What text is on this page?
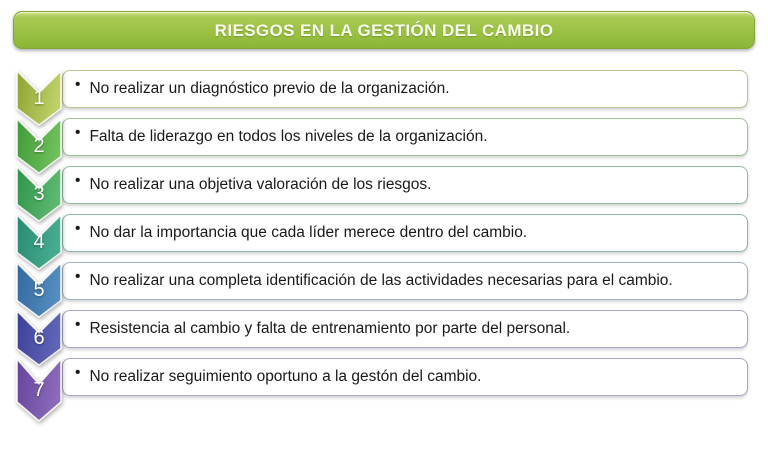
RIESGOS EN LA GESTIÓN DEL CAMBIO
1
• No realizar un diagnóstico previo de la organización.
2
• Falta de liderazgo en todos los niveles de la organización.
3
• No realizar una objetiva valoración de los riesgos.
4
• No dar la importancia que cada líder merece dentro del cambio.
5
• No realizar una completa identificación de las actividades necesarias para el cambio.
6
• Resistencia al cambio y falta de entrenamiento por parte del personal.
7
• No realizar seguimiento oportuno a la gestón del cambio.
